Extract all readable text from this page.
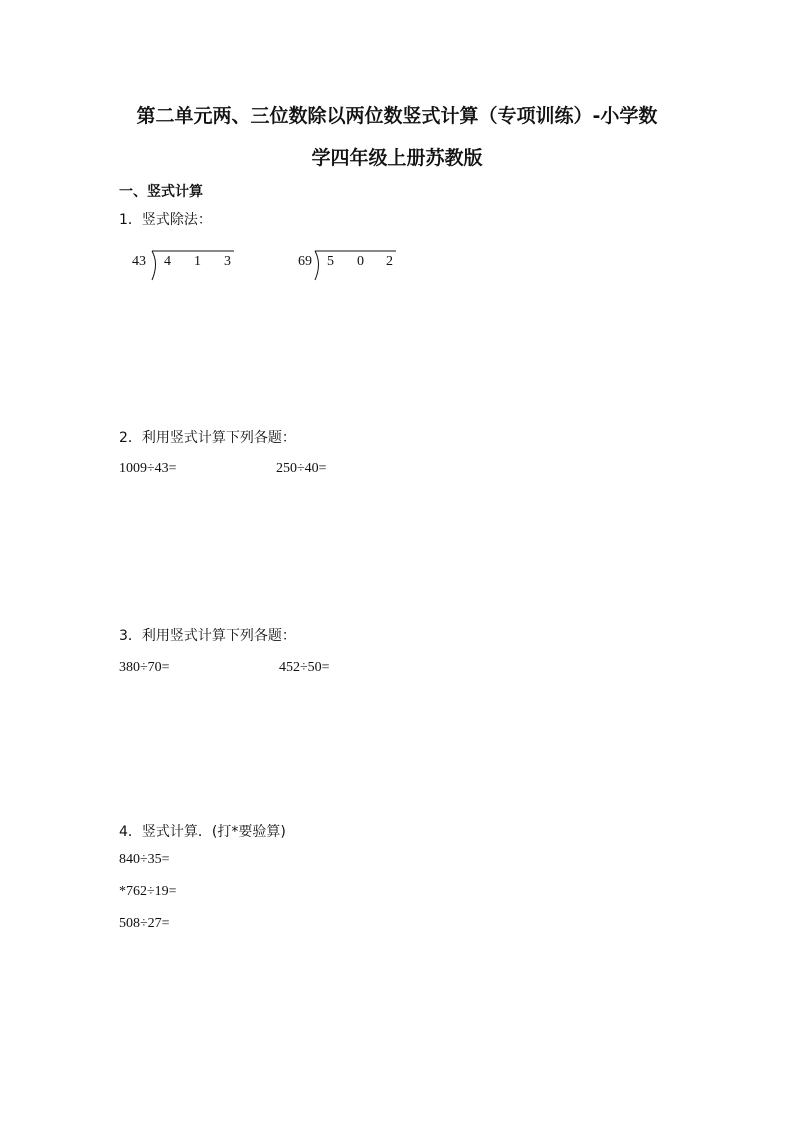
第二单元两、三位数除以两位数竖式计算（专项训练）-小学数
学四年级上册苏教版
一、竖式计算
1．竖式除法：
43 4 1 3	69 5 0 2
2．利用竖式计算下列各题：
1009÷43=	250÷40=
3．利用竖式计算下列各题：
380÷70=	452÷50=
4．竖式计算．(打*要验算)
840÷35=
*762÷19=
508÷27=
